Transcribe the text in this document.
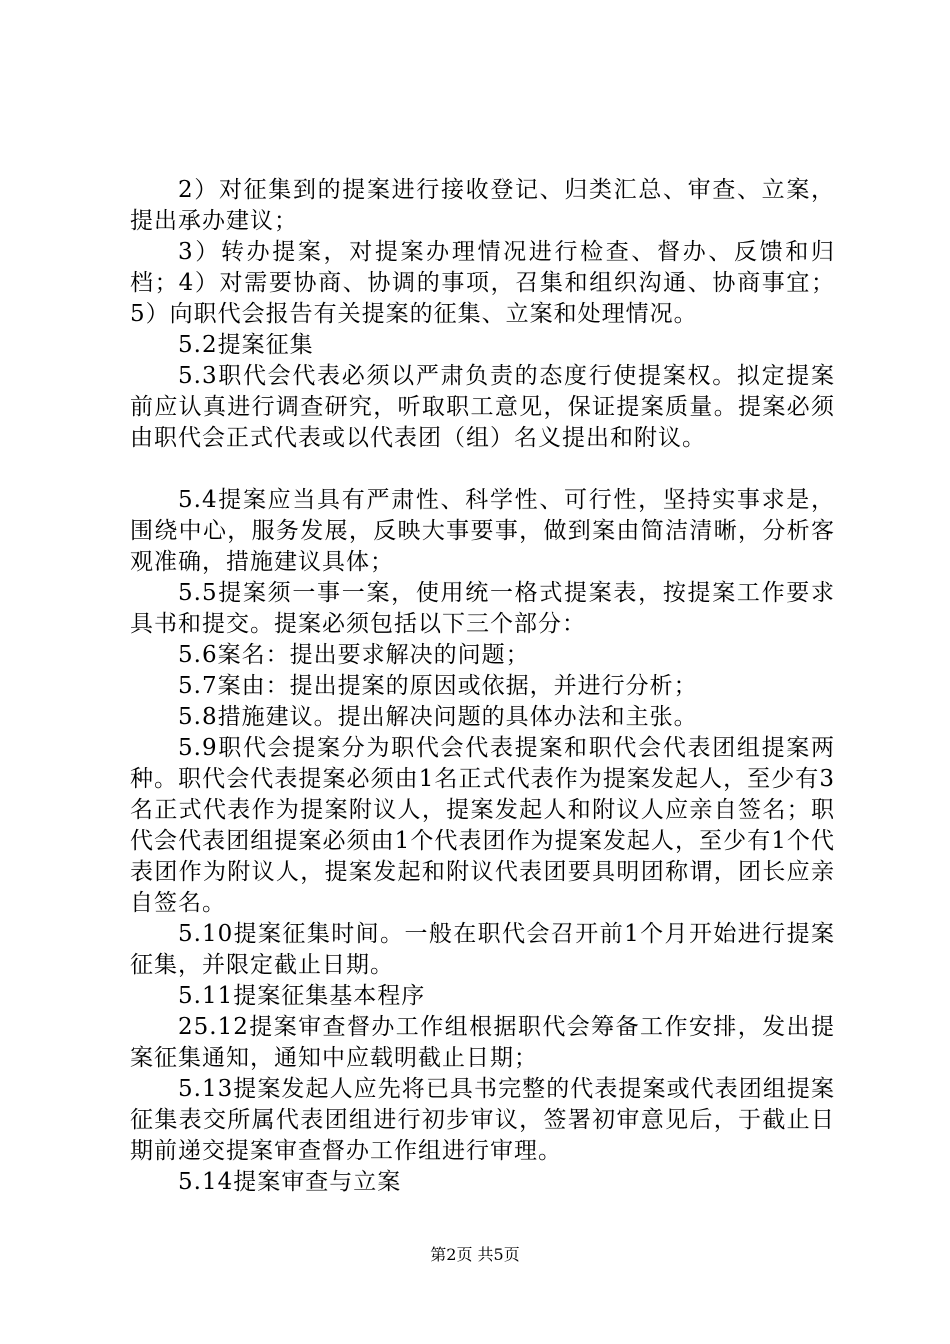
2）对征集到的提案进行接收登记、归类汇总、审查、立案，提出承办建议；

3）转办提案，对提案办理情况进行检查、督办、反馈和归档；4）对需要协商、协调的事项，召集和组织沟通、协商事宜；5）向职代会报告有关提案的征集、立案和处理情况。

5.2提案征集

5.3职代会代表必须以严肃负责的态度行使提案权。拟定提案前应认真进行调查研究，听取职工意见，保证提案质量。提案必须由职代会正式代表或以代表团（组）名义提出和附议。

5.4提案应当具有严肃性、科学性、可行性，坚持实事求是，围绕中心，服务发展，反映大事要事，做到案由简洁清晰，分析客观准确，措施建议具体；

5.5提案须一事一案，使用统一格式提案表，按提案工作要求具书和提交。提案必须包括以下三个部分：

5.6案名：提出要求解决的问题；

5.7案由：提出提案的原因或依据，并进行分析；

5.8措施建议。提出解决问题的具体办法和主张。

5.9职代会提案分为职代会代表提案和职代会代表团组提案两种。职代会代表提案必须由1名正式代表作为提案发起人，至少有3名正式代表作为提案附议人，提案发起人和附议人应亲自签名；职代会代表团组提案必须由1个代表团作为提案发起人，至少有1个代表团作为附议人，提案发起和附议代表团要具明团称谓，团长应亲自签名。

5.10提案征集时间。一般在职代会召开前1个月开始进行提案征集，并限定截止日期。

5.11提案征集基本程序

25.12提案审查督办工作组根据职代会筹备工作安排，发出提案征集通知，通知中应载明截止日期；

5.13提案发起人应先将已具书完整的代表提案或代表团组提案征集表交所属代表团组进行初步审议，签署初审意见后，于截止日期前递交提案审查督办工作组进行审理。

5.14提案审查与立案

第2页 共5页
